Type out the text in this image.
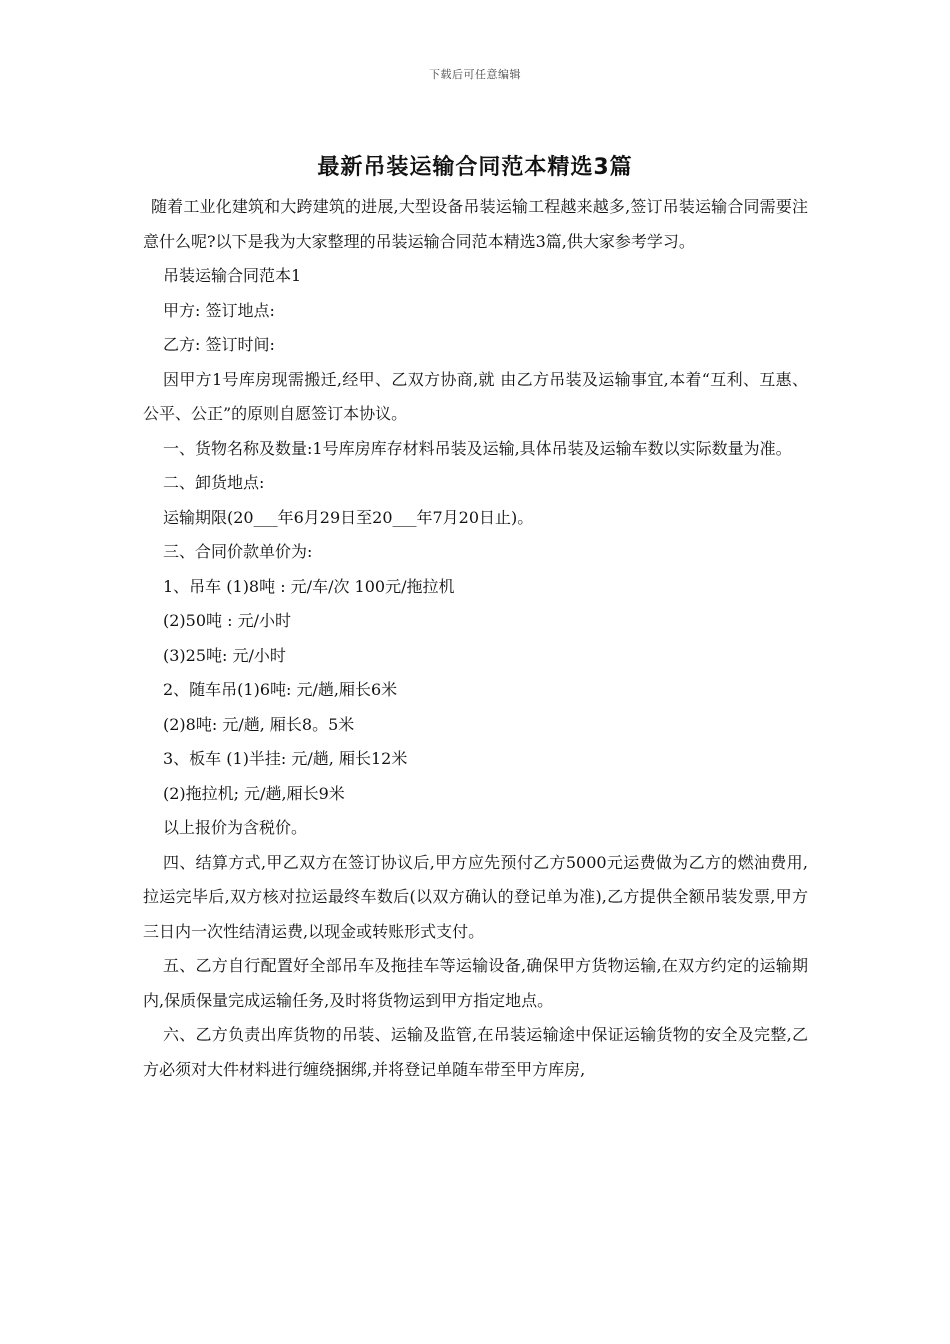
下载后可任意编辑
最新吊装运输合同范本精选3篇

随着工业化建筑和大跨建筑的进展,大型设备吊装运输工程越来越多,签订吊装运输合同需要注意什么呢?以下是我为大家整理的吊装运输合同范本精选3篇,供大家参考学习。

吊装运输合同范本1

甲方: 签订地点:

乙方: 签订时间:

因甲方1号库房现需搬迁,经甲、乙双方协商,就 由乙方吊装及运输事宜,本着“互利、互惠、公平、公正”的原则自愿签订本协议。

一、货物名称及数量:1号库房库存材料吊装及运输,具体吊装及运输车数以实际数量为准。

二、卸货地点:

运输期限(20___年6月29日至20___年7月20日止)。

三、合同价款单价为:

1、吊车 (1)8吨 : 元/车/次 100元/拖拉机

(2)50吨 : 元/小时

(3)25吨: 元/小时

2、随车吊(1)6吨: 元/趟,厢长6米

(2)8吨: 元/趟, 厢长8。5米

3、板车 (1)半挂: 元/趟, 厢长12米

(2)拖拉机; 元/趟,厢长9米

以上报价为含税价。

四、结算方式,甲乙双方在签订协议后,甲方应先预付乙方5000元运费做为乙方的燃油费用,拉运完毕后,双方核对拉运最终车数后(以双方确认的登记单为准),乙方提供全额吊装发票,甲方三日内一次性结清运费,以现金或转账形式支付。

五、乙方自行配置好全部吊车及拖挂车等运输设备,确保甲方货物运输,在双方约定的运输期内,保质保量完成运输任务,及时将货物运到甲方指定地点。

六、乙方负责出库货物的吊装、运输及监管,在吊装运输途中保证运输货物的安全及完整,乙方必须对大件材料进行缠绕捆绑,并将登记单随车带至甲方库房,
